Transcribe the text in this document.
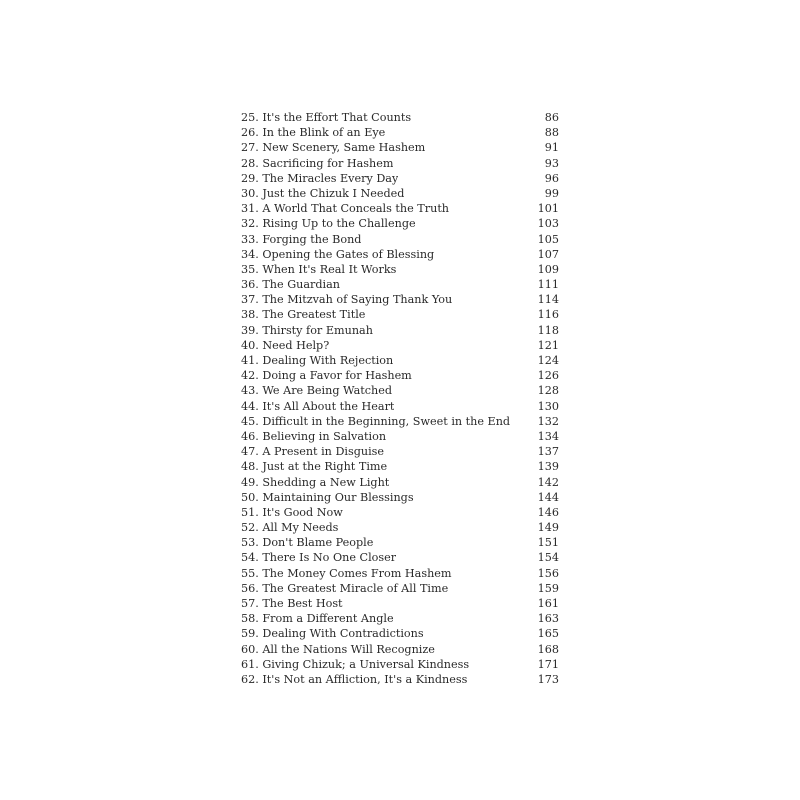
25. It's the Effort That Counts	86
26. In the Blink of an Eye	88
27. New Scenery, Same Hashem	91
28. Sacrificing for Hashem	93
29. The Miracles Every Day	96
30. Just the Chizuk I Needed	99
31. A World That Conceals the Truth	101
32. Rising Up to the Challenge	103
33. Forging the Bond	105
34. Opening the Gates of Blessing	107
35. When It's Real It Works	109
36. The Guardian	111
37. The Mitzvah of Saying Thank You	114
38. The Greatest Title	116
39. Thirsty for Emunah	118
40. Need Help?	121
41. Dealing With Rejection	124
42. Doing a Favor for Hashem	126
43. We Are Being Watched	128
44. It's All About the Heart	130
45. Difficult in the Beginning, Sweet in the End 132
46. Believing in Salvation	134
47. A Present in Disguise	137
48. Just at the Right Time	139
49. Shedding a New Light	142
50. Maintaining Our Blessings	144
51. It's Good Now	146
52. All My Needs	149
53. Don't Blame People	151
54. There Is No One Closer	154
55. The Money Comes From Hashem	156
56. The Greatest Miracle of All Time	159
57. The Best Host	161
58. From a Different Angle	163
59. Dealing With Contradictions	165
60. All the Nations Will Recognize	168
61. Giving Chizuk; a Universal Kindness	171
62. It's Not an Affliction, It's a Kindness	173
